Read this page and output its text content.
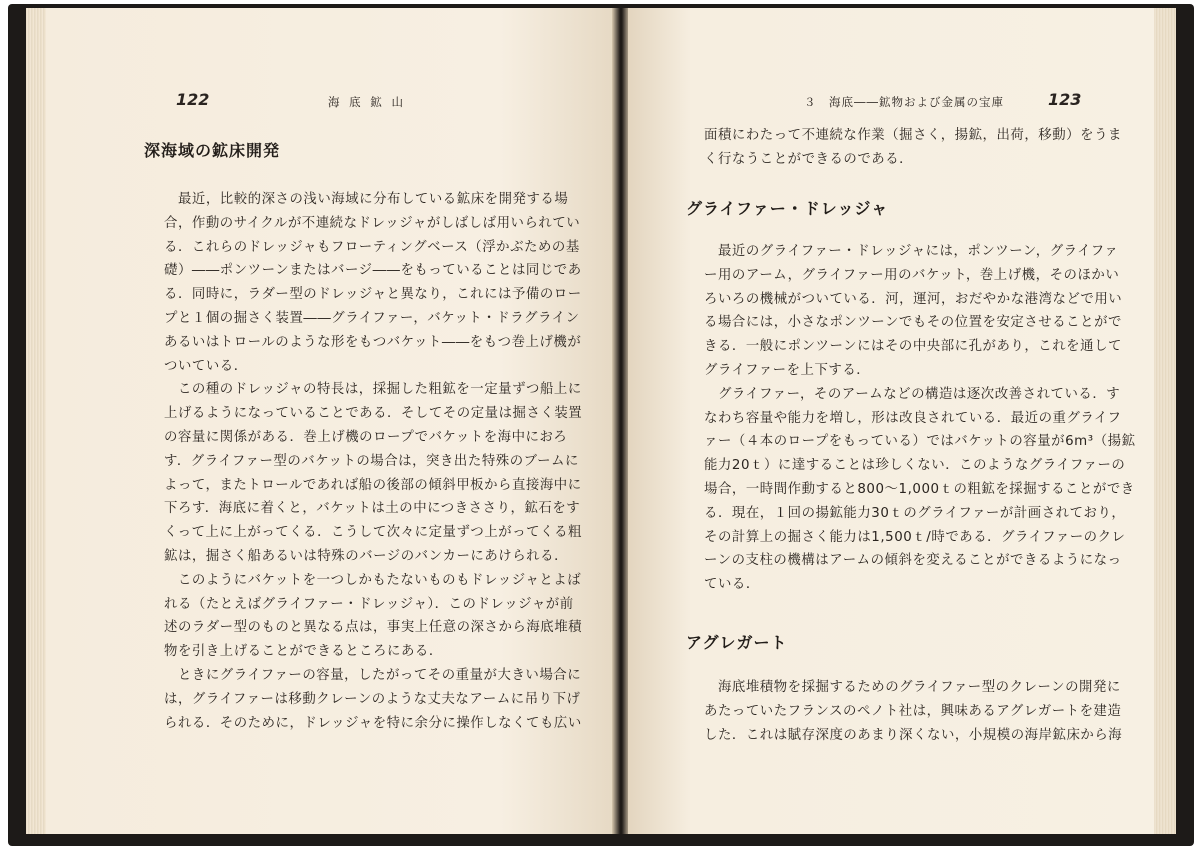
122	海 底 鉱 山
深海域の鉱床開発
　最近，比較的深さの浅い海域に分布している鉱床を開発する場
合，作動のサイクルが不連続なドレッジャがしばしば用いられてい
る．これらのドレッジャもフローティングベース（浮かぶための基
礎）――ポンツーンまたはバージ――をもっていることは同じであ
る．同時に，ラダー型のドレッジャと異なり，これには予備のロー
プと１個の掘さく装置――グライファー，バケット・ドラグライン
あるいはトロールのような形をもつバケット――をもつ巻上げ機が
ついている．
　この種のドレッジャの特長は，採掘した粗鉱を一定量ずつ船上に
上げるようになっていることである．そしてその定量は掘さく装置
の容量に関係がある．巻上げ機のロープでバケットを海中におろ
す．グライファー型のバケットの場合は，突き出た特殊のブームに
よって，またトロールであれば船の後部の傾斜甲板から直接海中に
下ろす．海底に着くと，バケットは土の中につきささり，鉱石をす
くって上に上がってくる．こうして次々に定量ずつ上がってくる粗
鉱は，掘さく船あるいは特殊のバージのバンカーにあけられる．
　このようにバケットを一つしかもたないものもドレッジャとよば
れる（たとえばグライファー・ドレッジャ）．このドレッジャが前
述のラダー型のものと異なる点は，事実上任意の深さから海底堆積
物を引き上げることができるところにある．
　ときにグライファーの容量，したがってその重量が大きい場合に
は，グライファーは移動クレーンのような丈夫なアームに吊り下げ
られる．そのために，ドレッジャを特に余分に操作しなくても広い
３　海底――鉱物および金属の宝庫	123
面積にわたって不連続な作業（掘さく，揚鉱，出荷，移動）をうま
く行なうことができるのである．
グライファー・ドレッジャ
　最近のグライファー・ドレッジャには，ポンツーン，グライファ
ー用のアーム，グライファー用のバケット，巻上げ機，そのほかい
ろいろの機械がついている．河，運河，おだやかな港湾などで用い
る場合には，小さなポンツーンでもその位置を安定させることがで
きる．一般にポンツーンにはその中央部に孔があり，これを通して
グライファーを上下する．
　グライファー，そのアームなどの構造は逐次改善されている．す
なわち容量や能力を増し，形は改良されている．最近の重グライフ
ァー（４本のロープをもっている）ではバケットの容量が6m³（揚鉱
能力20ｔ）に達することは珍しくない．このようなグライファーの
場合，一時間作動すると800～1,000ｔの粗鉱を採掘することができ
る．現在，１回の揚鉱能力30ｔのグライファーが計画されており，
その計算上の掘さく能力は1,500ｔ/時である．グライファーのクレ
ーンの支柱の機構はアームの傾斜を変えることができるようになっ
ている．
アグレガート
　海底堆積物を採掘するためのグライファー型のクレーンの開発に
あたっていたフランスのペノト社は，興味あるアグレガートを建造
した．これは賦存深度のあまり深くない，小規模の海岸鉱床から海
